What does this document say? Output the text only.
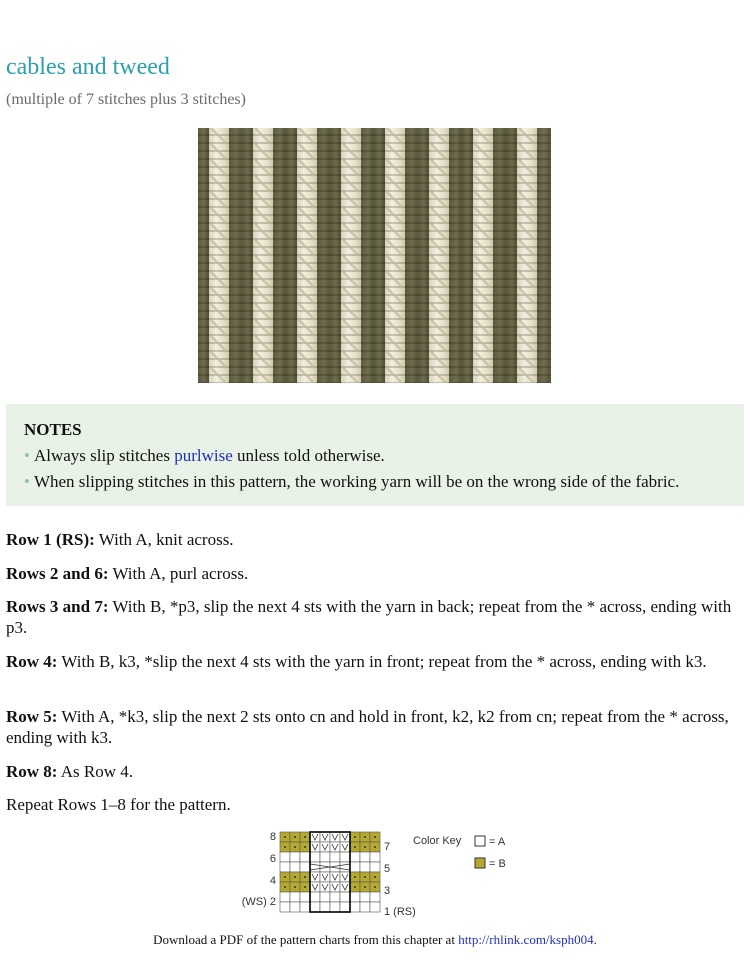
cables and tweed
(multiple of 7 stitches plus 3 stitches)
NOTES
• Always slip stitches purlwise unless told otherwise.
• When slipping stitches in this pattern, the working yarn will be on the wrong side of the fabric.
Row 1 (RS): With A, knit across.
Rows 2 and 6: With A, purl across.
Rows 3 and 7: With B, *p3, slip the next 4 sts with the yarn in back; repeat from the * across, ending with p3.
Row 4: With B, k3, *slip the next 4 sts with the yarn in front; repeat from the * across, ending with k3.
Row 5: With A, *k3, slip the next 2 sts onto cn and hold in front, k2, k2 from cn; repeat from the * across, ending with k3.
Row 8: As Row 4.
Repeat Rows 1–8 for the pattern.
8
6
4
(WS) 2
7
5
3
1 (RS)
Color Key	= A
= B
Download a PDF of the pattern charts from this chapter at http://rhlink.com/ksph004.
